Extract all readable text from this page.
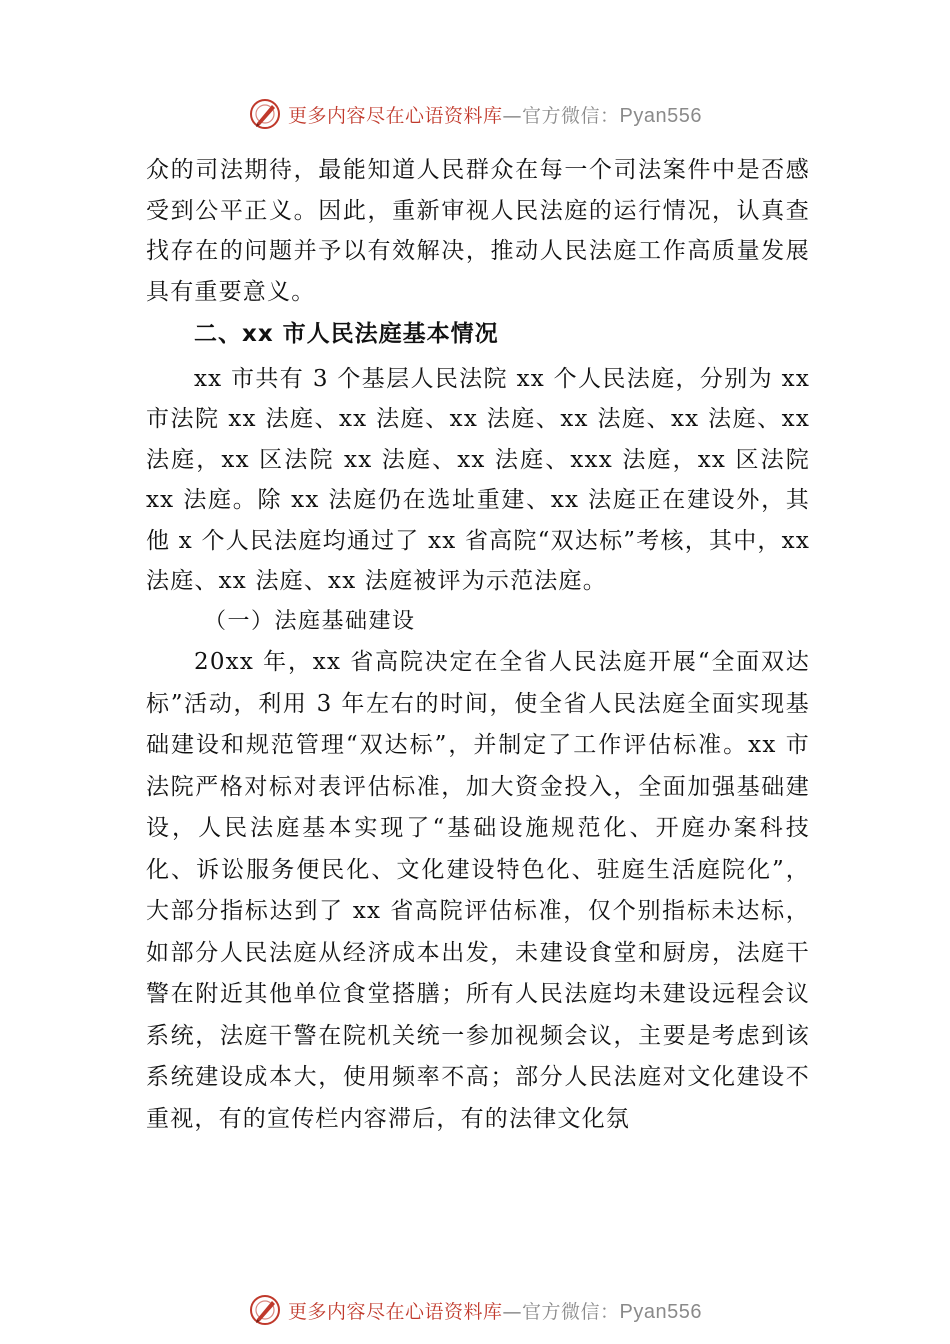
更多内容尽在心语资料库—官方微信：Pyan556

众的司法期待，最能知道人民群众在每一个司法案件中是否感受到公平正义。因此，重新审视人民法庭的运行情况，认真查找存在的问题并予以有效解决，推动人民法庭工作高质量发展具有重要意义。

二、xx 市人民法庭基本情况

xx 市共有 3 个基层人民法院 xx 个人民法庭，分别为 xx 市法院 xx 法庭、xx 法庭、xx 法庭、xx 法庭、xx 法庭、xx 法庭，xx 区法院 xx 法庭、xx 法庭、xxx 法庭，xx 区法院 xx 法庭。除 xx 法庭仍在选址重建、xx 法庭正在建设外，其他 x 个人民法庭均通过了 xx 省高院“双达标”考核，其中，xx 法庭、xx 法庭、xx 法庭被评为示范法庭。

（一）法庭基础建设

20xx 年，xx 省高院决定在全省人民法庭开展“全面双达标”活动，利用 3 年左右的时间，使全省人民法庭全面实现基础建设和规范管理“双达标”，并制定了工作评估标准。xx 市法院严格对标对表评估标准，加大资金投入，全面加强基础建设，人民法庭基本实现了“基础设施规范化、开庭办案科技化、诉讼服务便民化、文化建设特色化、驻庭生活庭院化”，大部分指标达到了 xx 省高院评估标准，仅个别指标未达标，如部分人民法庭从经济成本出发，未建设食堂和厨房，法庭干警在附近其他单位食堂搭膳；所有人民法庭均未建设远程会议系统，法庭干警在院机关统一参加视频会议，主要是考虑到该系统建设成本大，使用频率不高；部分人民法庭对文化建设不重视，有的宣传栏内容滞后，有的法律文化氛

更多内容尽在心语资料库—官方微信：Pyan556
